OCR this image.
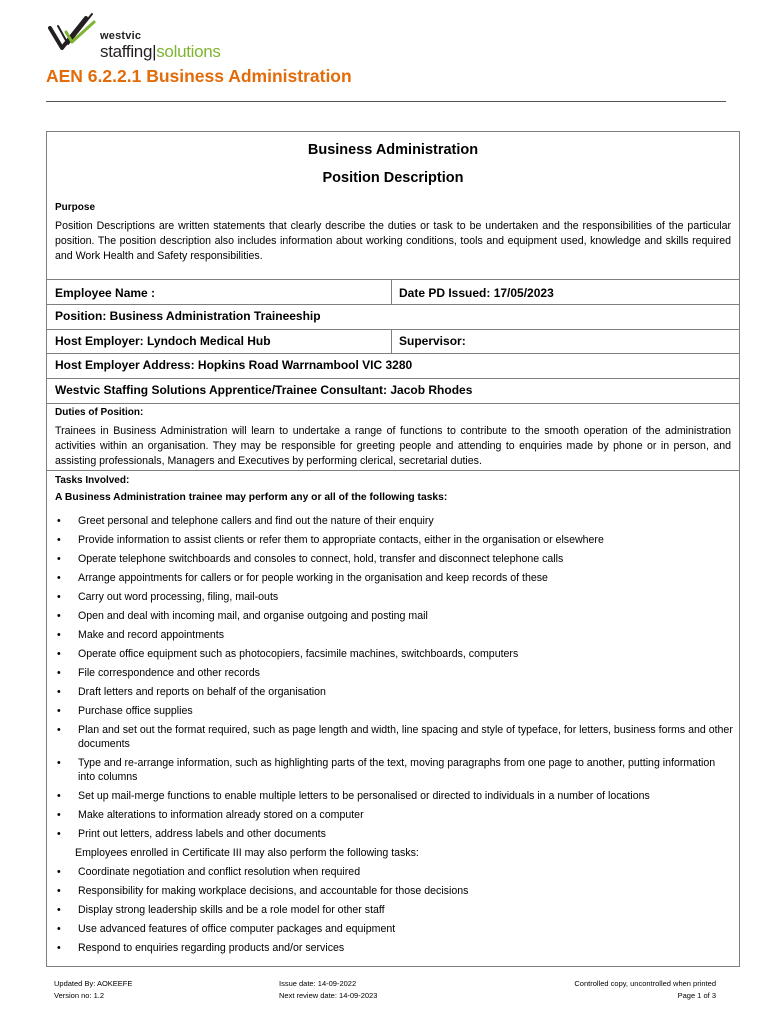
westvic
staffing|solutions
AEN 6.2.2.1 Business Administration
Business Administration
Position Description
Purpose
Position Descriptions are written statements that clearly describe the duties or task to be undertaken and the responsibilities of the particular position. The position description also includes information about working conditions, tools and equipment used, knowledge and skills required and Work Health and Safety responsibilities.
Employee Name :	Date PD Issued: 17/05/2023
Position: Business Administration Traineeship
Host Employer: Lyndoch Medical Hub	Supervisor:
Host Employer Address: Hopkins Road Warrnambool VIC 3280
Westvic Staffing Solutions Apprentice/Trainee Consultant: Jacob Rhodes
Duties of Position:
Trainees in Business Administration will learn to undertake a range of functions to contribute to the smooth operation of the administration activities within an organisation. They may be responsible for greeting people and attending to enquiries made by phone or in person, and assisting professionals, Managers and Executives by performing clerical, secretarial duties.
Tasks Involved:
A Business Administration trainee may perform any or all of the following tasks:
• Greet personal and telephone callers and find out the nature of their enquiry
• Provide information to assist clients or refer them to appropriate contacts, either in the organisation or elsewhere
• Operate telephone switchboards and consoles to connect, hold, transfer and disconnect telephone calls
• Arrange appointments for callers or for people working in the organisation and keep records of these
• Carry out word processing, filing, mail-outs
• Open and deal with incoming mail, and organise outgoing and posting mail
• Make and record appointments
• Operate office equipment such as photocopiers, facsimile machines, switchboards, computers
• File correspondence and other records
• Draft letters and reports on behalf of the organisation
• Purchase office supplies
• Plan and set out the format required, such as page length and width, line spacing and style of typeface, for letters, business forms and other documents
• Type and re-arrange information, such as highlighting parts of the text, moving paragraphs from one page to another, putting information into columns
• Set up mail-merge functions to enable multiple letters to be personalised or directed to individuals in a number of locations
• Make alterations to information already stored on a computer
• Print out letters, address labels and other documents
Employees enrolled in Certificate III may also perform the following tasks:
• Coordinate negotiation and conflict resolution when required
• Responsibility for making workplace decisions, and accountable for those decisions
• Display strong leadership skills and be a role model for other staff
• Use advanced features of office computer packages and equipment
• Respond to enquiries regarding products and/or services
Updated By: AOKEEFE
Version no: 1.2
Issue date: 14-09-2022
Next review date: 14-09-2023
Controlled copy, uncontrolled when printed
Page 1 of 3
